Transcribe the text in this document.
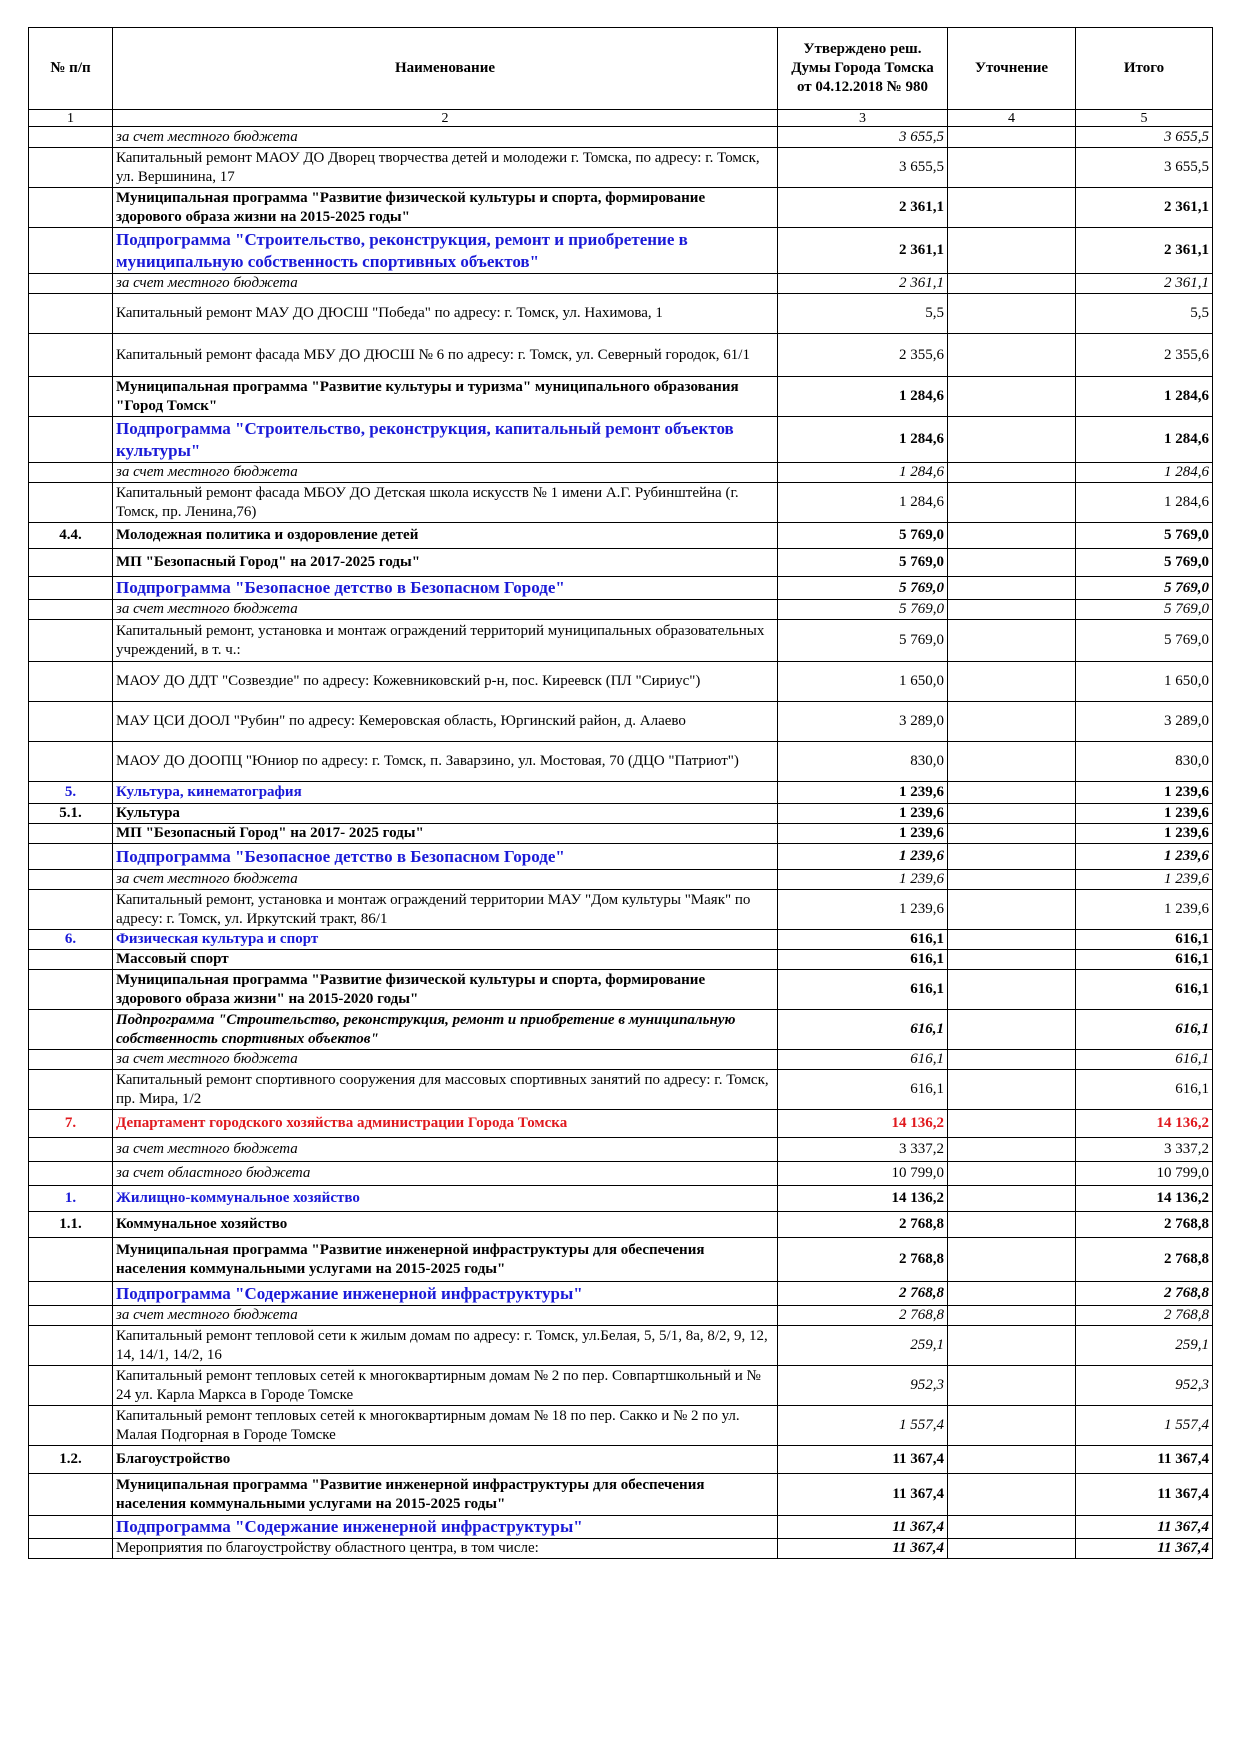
№ п/п	Наименование	Утверждено реш.
Думы Города Томска
от 04.12.2018 № 980	Уточнение	Итого
1	2	3	4	5
	за счет местного бюджета	3 655,5		3 655,5
	Капитальный ремонт МАОУ ДО Дворец творчества детей и молодежи г. Томска, по адресу: г. Томск, ул. Вершинина, 17	3 655,5		3 655,5
	Муниципальная программа "Развитие физической культуры и спорта, формирование здорового образа жизни на 2015-2025 годы"	2 361,1		2 361,1
	Подпрограмма "Строительство, реконструкция, ремонт и приобретение в муниципальную собственность спортивных объектов"	2 361,1		2 361,1
	за счет местного бюджета	2 361,1		2 361,1
	Капитальный ремонт МАУ ДО ДЮСШ "Победа" по адресу: г. Томск, ул. Нахимова, 1	5,5		5,5
	Капитальный ремонт фасада МБУ ДО ДЮСШ № 6 по адресу: г. Томск, ул. Северный городок, 61/1	2 355,6		2 355,6
	Муниципальная программа "Развитие культуры и туризма" муниципального образования "Город Томск"	1 284,6		1 284,6
	Подпрограмма "Строительство, реконструкция, капитальный ремонт объектов культуры"	1 284,6		1 284,6
	за счет местного бюджета	1 284,6		1 284,6
	Капитальный ремонт фасада МБОУ ДО Детская школа искусств № 1 имени А.Г. Рубинштейна (г. Томск, пр. Ленина,76)	1 284,6		1 284,6
4.4.	Молодежная политика и оздоровление детей	5 769,0		5 769,0
	МП "Безопасный Город" на 2017-2025 годы"	5 769,0		5 769,0
	Подпрограмма "Безопасное детство в Безопасном Городе"	5 769,0		5 769,0
	за счет местного бюджета	5 769,0		5 769,0
	Капитальный ремонт, установка и монтаж ограждений территорий муниципальных образовательных учреждений, в т. ч.:	5 769,0		5 769,0
	МАОУ ДО ДДТ "Созвездие" по адресу: Кожевниковский р-н, пос. Киреевск (ПЛ "Сириус")	1 650,0		1 650,0
	МАУ ЦСИ ДООЛ "Рубин" по адресу: Кемеровская область, Юргинский район, д. Алаево	3 289,0		3 289,0
	МАОУ ДО ДООПЦ "Юниор по адресу: г. Томск, п. Заварзино, ул. Мостовая, 70 (ДЦО "Патриот")	830,0		830,0
5.	Культура, кинематография	1 239,6		1 239,6
5.1.	Культура	1 239,6		1 239,6
	МП "Безопасный Город" на 2017- 2025 годы"	1 239,6		1 239,6
	Подпрограмма "Безопасное детство в Безопасном Городе"	1 239,6		1 239,6
	за счет местного бюджета	1 239,6		1 239,6
	Капитальный ремонт, установка и монтаж ограждений территории МАУ "Дом культуры "Маяк" по адресу: г. Томск, ул. Иркутский тракт, 86/1	1 239,6		1 239,6
6.	Физическая культура и спорт	616,1		616,1
	Массовый спорт	616,1		616,1
	Муниципальная программа "Развитие физической культуры и спорта, формирование здорового образа жизни" на 2015-2020 годы"	616,1		616,1
	Подпрограмма "Строительство, реконструкция, ремонт и приобретение в муниципальную собственность спортивных объектов"	616,1		616,1
	за счет местного бюджета	616,1		616,1
	Капитальный ремонт спортивного сооружения для массовых спортивных занятий по адресу: г. Томск, пр. Мира, 1/2	616,1		616,1
7.	Департамент городского хозяйства администрации Города Томска	14 136,2		14 136,2
	за счет местного бюджета	3 337,2		3 337,2
	за счет областного бюджета	10 799,0		10 799,0
1.	Жилищно-коммунальное хозяйство	14 136,2		14 136,2
1.1.	Коммунальное хозяйство	2 768,8		2 768,8
	Муниципальная программа "Развитие инженерной инфраструктуры для обеспечения населения коммунальными услугами на 2015-2025 годы"	2 768,8		2 768,8
	Подпрограмма "Содержание инженерной инфраструктуры"	2 768,8		2 768,8
	за счет местного бюджета	2 768,8		2 768,8
	Капитальный ремонт тепловой сети к жилым домам по адресу: г. Томск, ул.Белая, 5, 5/1, 8а, 8/2, 9, 12, 14, 14/1, 14/2, 16	259,1		259,1
	Капитальный ремонт тепловых сетей к многоквартирным домам № 2 по пер. Совпартшкольный и № 24 ул. Карла Маркса в Городе Томске	952,3		952,3
	Капитальный ремонт тепловых сетей к многоквартирным домам № 18 по пер. Сакко и № 2 по ул. Малая Подгорная в Городе Томске	1 557,4		1 557,4
1.2.	Благоустройство	11 367,4		11 367,4
	Муниципальная программа "Развитие инженерной инфраструктуры для обеспечения населения коммунальными услугами на 2015-2025 годы"	11 367,4		11 367,4
	Подпрограмма "Содержание инженерной инфраструктуры"	11 367,4		11 367,4
	Мероприятия по благоустройству областного центра, в том числе:	11 367,4		11 367,4
